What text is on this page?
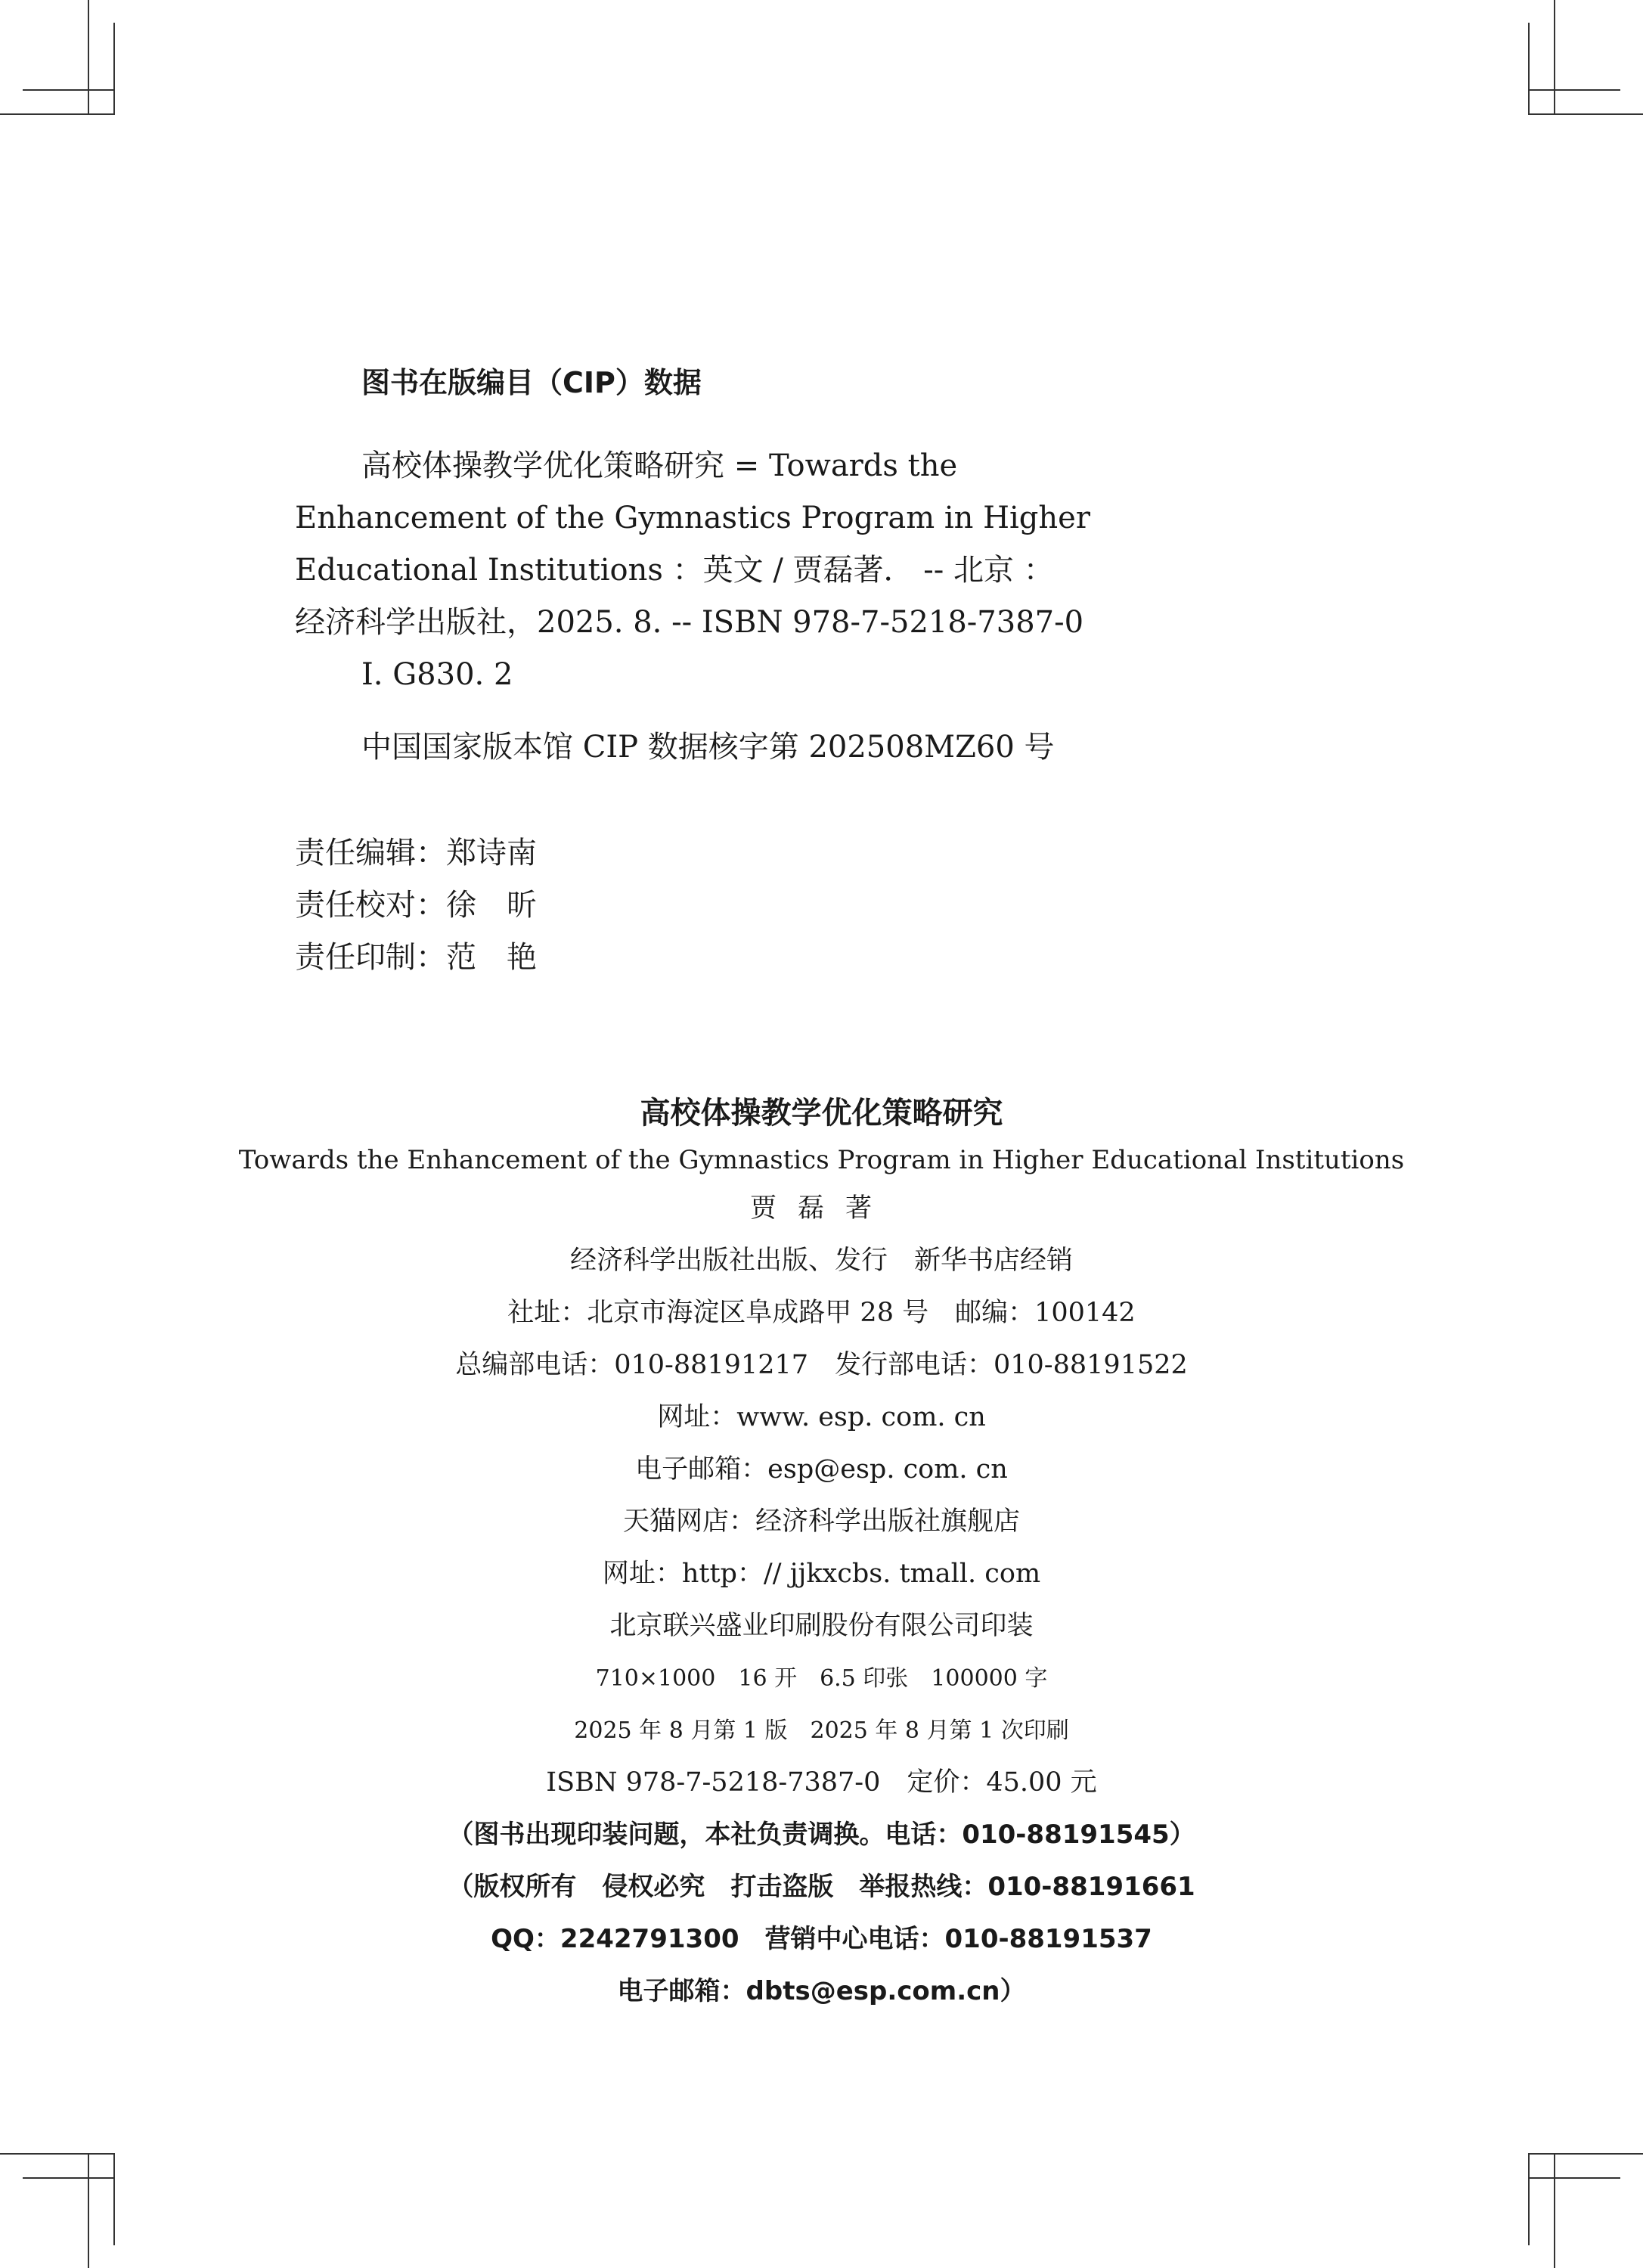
图书在版编目（CIP）数据

高校体操教学优化策略研究 = Towards the

Enhancement of the Gymnastics Program in Higher

Educational Institutions ：英文 / 贾磊著． -- 北京 ：

经济科学出版社，2025. 8. -- ISBN 978-7-5218-7387-0

Ⅰ. G830. 2

中国国家版本馆 CIP 数据核字第 202508MZ60 号
责任编辑：郑诗南
责任校对：徐　昕
责任印制：范　艳
高校体操教学优化策略研究
Towards the Enhancement of the Gymnastics Program in Higher Educational Institutions
贾磊著
经济科学出版社出版、发行　新华书店经销
社址：北京市海淀区阜成路甲 28 号　邮编：100142
总编部电话：010-88191217　发行部电话：010-88191522
网址：www. esp. com. cn
电子邮箱：esp@esp. com. cn
天猫网店：经济科学出版社旗舰店
网址：http：// jjkxcbs. tmall. com
北京联兴盛业印刷股份有限公司印装
710×1000　16 开　6.5 印张　100000 字
2025 年 8 月第 1 版　2025 年 8 月第 1 次印刷
ISBN 978-7-5218-7387-0　定价：45.00 元
（图书出现印装问题，本社负责调换。电话：010-88191545）
（版权所有　侵权必究　打击盗版　举报热线：010-88191661
QQ：2242791300　营销中心电话：010-88191537
电子邮箱：dbts@esp.com.cn）
